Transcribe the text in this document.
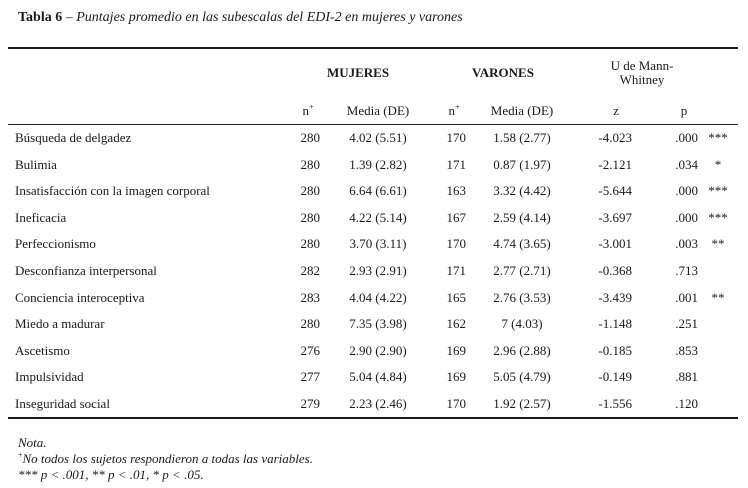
Tabla 6 – Puntajes promedio en las subescalas del EDI-2 en mujeres y varones
MUJERES	VARONES	U de Mann-
Whitney
n+	Media (DE)	n+	Media (DE)	z	p
Búsqueda de delgadez	280	4.02 (5.51)	170	1.58 (2.77)	-4.023	.000 ***
Bulimia	280	1.39 (2.82)	171	0.87 (1.97)	-2.121	.034	*
Insatisfacción con la imagen corporal	280	6.64 (6.61)	163	3.32 (4.42)	-5.644	.000 ***
Ineficacia	280	4.22 (5.14)	167	2.59 (4.14)	-3.697	.000 ***
Perfeccionismo	280	3.70 (3.11)	170	4.74 (3.65)	-3.001	.003	**
Desconfianza interpersonal	282	2.93 (2.91)	171	2.77 (2.71)	-0.368	.713
Conciencia interoceptiva	283	4.04 (4.22)	165	2.76 (3.53)	-3.439	.001	**
Miedo a madurar	280	7.35 (3.98)	162	7 (4.03)	-1.148	.251
Ascetismo	276	2.90 (2.90)	169	2.96 (2.88)	-0.185	.853
Impulsividad	277	5.04 (4.84)	169	5.05 (4.79)	-0.149	.881
Inseguridad social	279	2.23 (2.46)	170	1.92 (2.57)	-1.556	.120
Nota.
+No todos los sujetos respondieron a todas las variables.
*** p < .001, ** p < .01, * p < .05.
